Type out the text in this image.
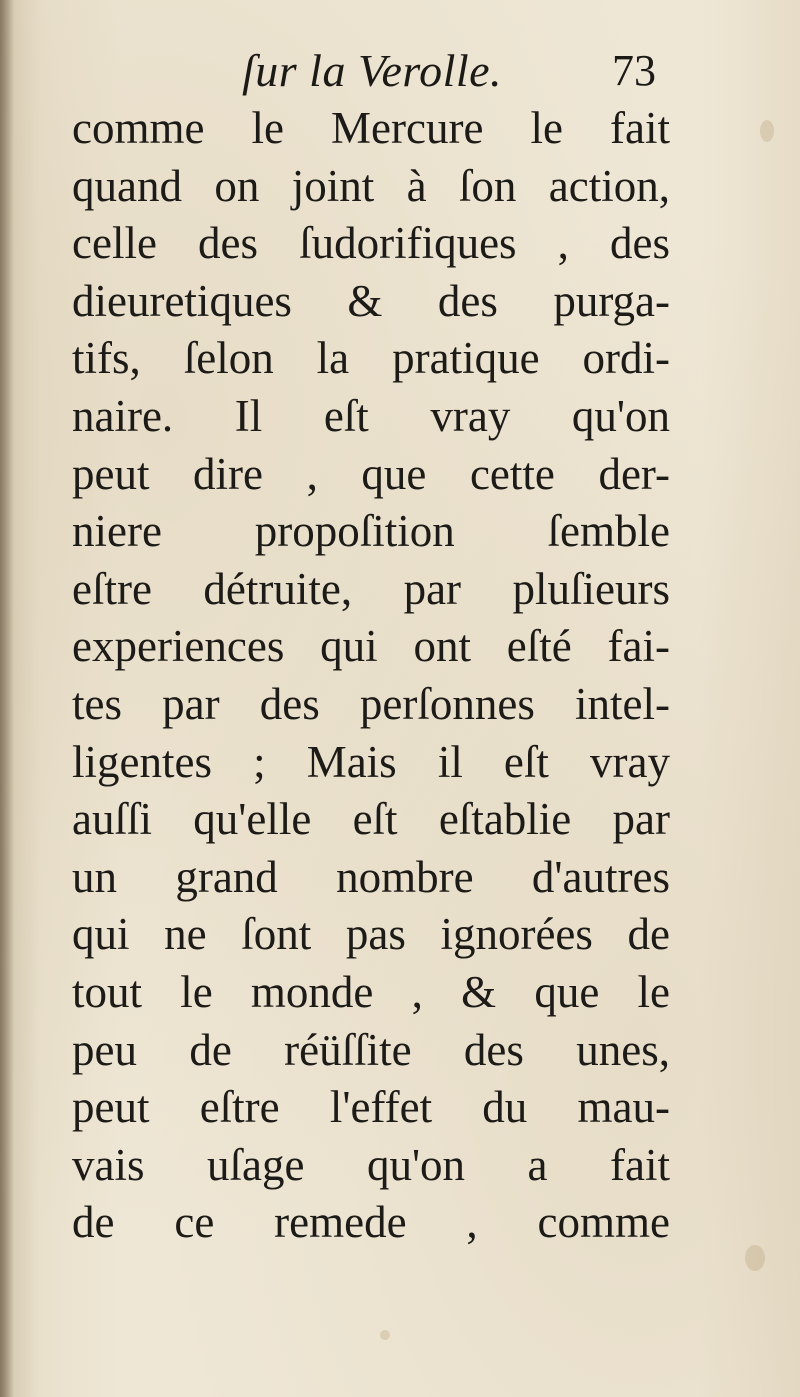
ſur la Verolle. 73
comme le Mercure le fait
quand on joint à ſon action,
celle des ſudorifiques , des
dieuretiques & des purga-
tifs, ſelon la pratique ordi-
naire. Il eſt vray qu'on
peut dire , que cette der-
niere propoſition ſemble
eſtre détruite, par pluſieurs
experiences qui ont eſté fai-
tes par des perſonnes intel-
ligentes ; Mais il eſt vray
auſſi qu'elle eſt eſtablie par
un grand nombre d'autres
qui ne ſont pas ignorées de
tout le monde , & que le
peu de réüſſite des unes,
peut eſtre l'effet du mau-
vais uſage qu'on a fait
de ce remede , comme
